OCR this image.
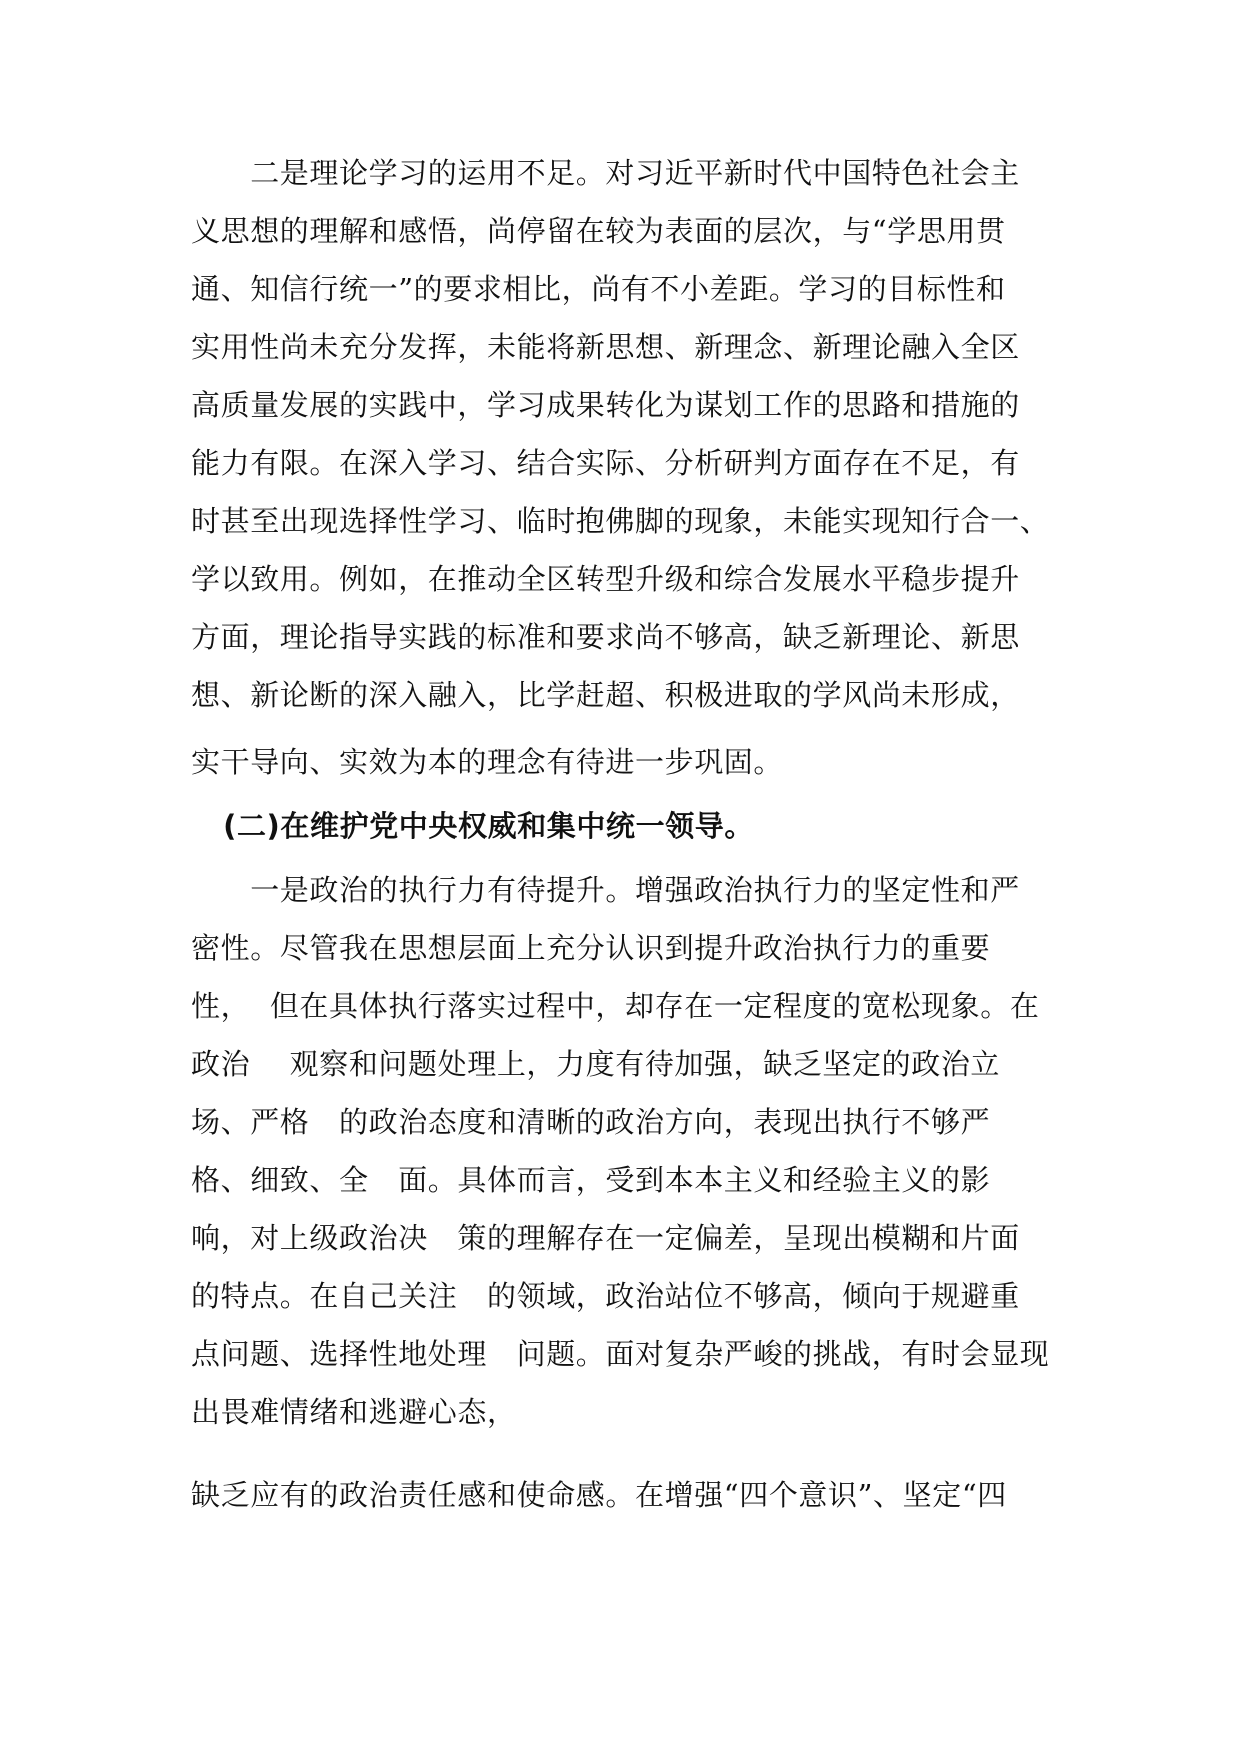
　　二是理论学习的运用不足。对习近平新时代中国特色社会主
义思想的理解和感悟，尚停留在较为表面的层次，与“学思用贯
通、知信行统一”的要求相比，尚有不小差距。学习的目标性和
实用性尚未充分发挥，未能将新思想、新理念、新理论融入全区
高质量发展的实践中，学习成果转化为谋划工作的思路和措施的
能力有限。在深入学习、结合实际、分析研判方面存在不足，有
时甚至出现选择性学习、临时抱佛脚的现象，未能实现知行合一、
学以致用。例如，在推动全区转型升级和综合发展水平稳步提升
方面，理论指导实践的标准和要求尚不够高，缺乏新理论、新思
想、新论断的深入融入，比学赶超、积极进取的学风尚未形成，
实干导向、实效为本的理念有待进一步巩固。
(二)在维护党中央权威和集中统一领导。
　　一是政治的执行力有待提升。增强政治执行力的坚定性和严
密性。尽管我在思想层面上充分认识到提升政治执行力的重要
性，  但在具体执行落实过程中，却存在一定程度的宽松现象。在
政治　 观察和问题处理上，力度有待加强，缺乏坚定的政治立
场、严格　的政治态度和清晰的政治方向，表现出执行不够严
格、细致、全　面。具体而言，受到本本主义和经验主义的影
响，对上级政治决　策的理解存在一定偏差，呈现出模糊和片面
的特点。在自己关注　的领域，政治站位不够高，倾向于规避重
点问题、选择性地处理　问题。面对复杂严峻的挑战，有时会显现
出畏难情绪和逃避心态，
缺乏应有的政治责任感和使命感。在增强“四个意识”、坚定“四
